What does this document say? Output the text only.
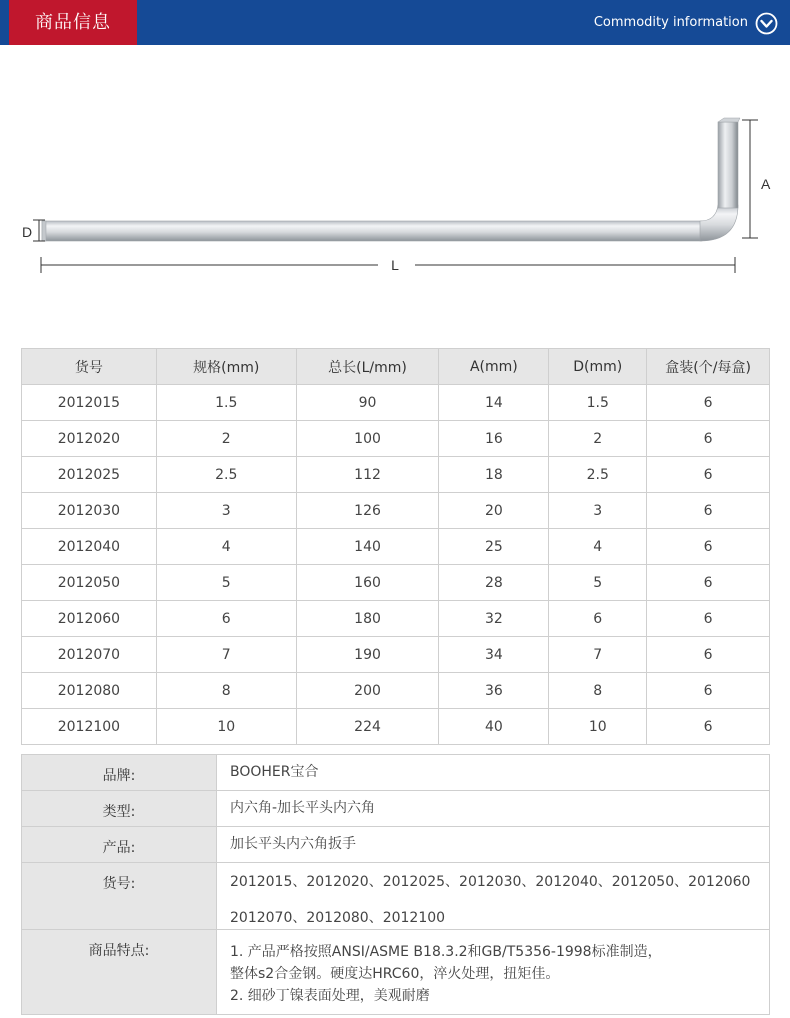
商品信息	Commodity information
D
A
L
货号	规格(mm)	总长(L/mm)	A(mm)	D(mm)	盒装(个/每盒)
2012015	1.5	90	14	1.5	6
2012020	2	100	16	2	6
2012025	2.5	112	18	2.5	6
2012030	3	126	20	3	6
2012040	4	140	25	4	6
2012050	5	160	28	5	6
2012060	6	180	32	6	6
2012070	7	190	34	7	6
2012080	8	200	36	8	6
2012100	10	224	40	10	6
品牌:	BOOHER宝合
类型:	内六角-加长平头内六角
产品:	加长平头内六角扳手
货号:	2012015、2012020、2012025、2012030、2012040、2012050、2012060
2012070、2012080、2012100

商品特点:	1. 产品严格按照ANSI/ASME B18.3.2和GB/T5356-1998标准制造，
整体s2合金钢。硬度达HRC60，淬火处理，扭矩佳。
2. 细砂丁镍表面处理，美观耐磨
